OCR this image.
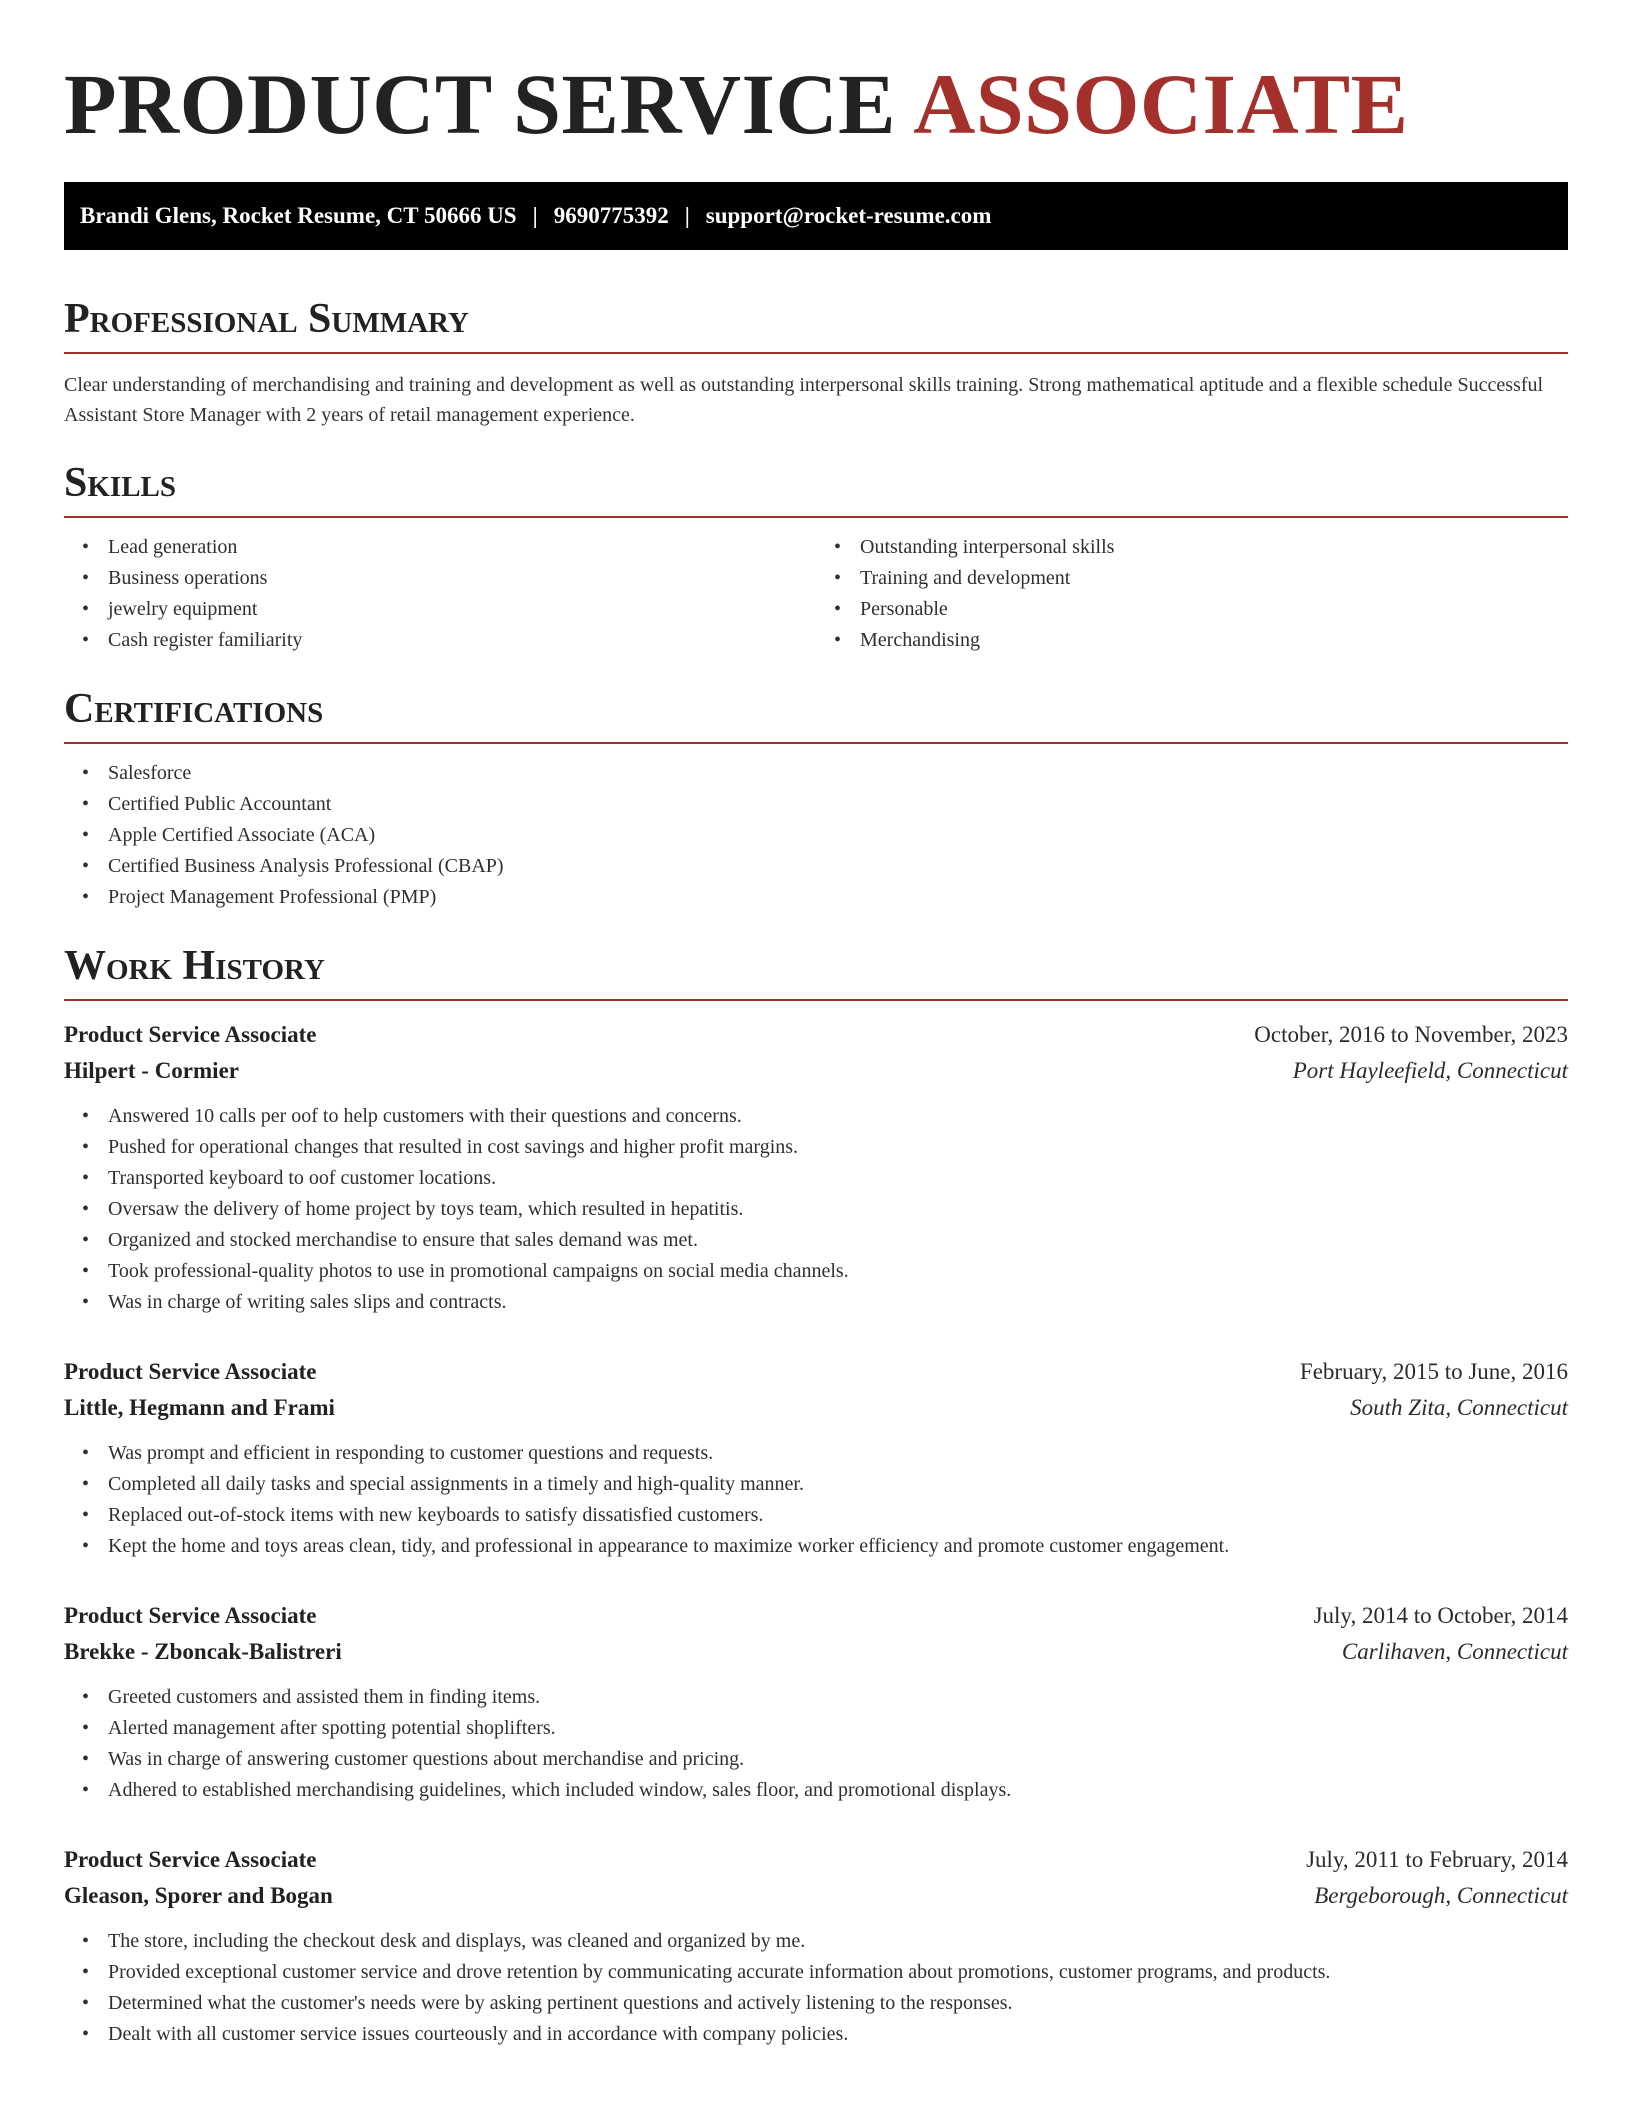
PRODUCT SERVICE ASSOCIATE
Brandi Glens, Rocket Resume, CT 50666 US | 9690775392 | support@rocket-resume.com
Professional Summary

Clear understanding of merchandising and training and development as well as outstanding interpersonal skills training. Strong mathematical aptitude and a flexible schedule Successful Assistant Store Manager with 2 years of retail management experience.

Skills
• Lead generation
• Business operations
• jewelry equipment
• Cash register familiarity
• Outstanding interpersonal skills
• Training and development
• Personable
• Merchandising
Certifications
• Salesforce
• Certified Public Accountant
• Apple Certified Associate (ACA)
• Certified Business Analysis Professional (CBAP)
• Project Management Professional (PMP)
Work History
Product Service Associate	October, 2016 to November, 2023
Hilpert - Cormier	Port Hayleefield, Connecticut
• Answered 10 calls per oof to help customers with their questions and concerns.
• Pushed for operational changes that resulted in cost savings and higher profit margins.
• Transported keyboard to oof customer locations.
• Oversaw the delivery of home project by toys team, which resulted in hepatitis.
• Organized and stocked merchandise to ensure that sales demand was met.
• Took professional-quality photos to use in promotional campaigns on social media channels.
• Was in charge of writing sales slips and contracts.
Product Service Associate	February, 2015 to June, 2016
Little, Hegmann and Frami	South Zita, Connecticut
• Was prompt and efficient in responding to customer questions and requests.
• Completed all daily tasks and special assignments in a timely and high-quality manner.
• Replaced out-of-stock items with new keyboards to satisfy dissatisfied customers.
• Kept the home and toys areas clean, tidy, and professional in appearance to maximize worker efficiency and promote customer engagement.
Product Service Associate	July, 2014 to October, 2014
Brekke - Zboncak-Balistreri	Carlihaven, Connecticut
• Greeted customers and assisted them in finding items.
• Alerted management after spotting potential shoplifters.
• Was in charge of answering customer questions about merchandise and pricing.
• Adhered to established merchandising guidelines, which included window, sales floor, and promotional displays.
Product Service Associate	July, 2011 to February, 2014
Gleason, Sporer and Bogan	Bergeborough, Connecticut
• The store, including the checkout desk and displays, was cleaned and organized by me.
• Provided exceptional customer service and drove retention by communicating accurate information about promotions, customer programs, and products.
• Determined what the customer's needs were by asking pertinent questions and actively listening to the responses.
• Dealt with all customer service issues courteously and in accordance with company policies.
